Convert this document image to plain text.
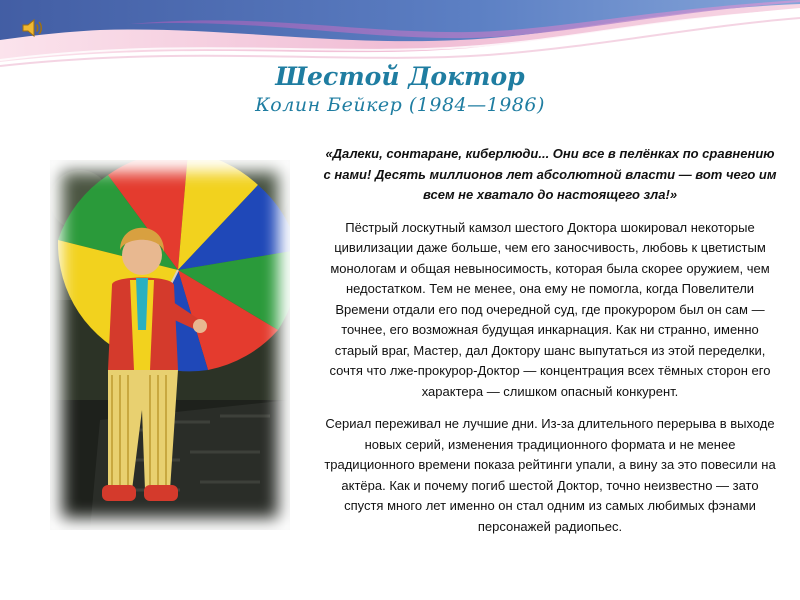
Шестой Доктор
Колин Бейкер (1984—1986)

«Далеки, сонтаране, киберлюди... Они все в пелёнках по сравнению с нами! Десять миллионов лет абсолютной власти — вот чего им всем не хватало до настоящего зла!»

Пёстрый лоскутный камзол шестого Доктора шокировал некоторые цивилизации даже больше, чем его заносчивость, любовь к цветистым монологам и общая невыносимость, которая была скорее оружием, чем недостатком. Тем не менее, она ему не помогла, когда Повелители Времени отдали его под очередной суд, где прокурором был он сам — точнее, его возможная будущая инкарнация. Как ни странно, именно старый враг, Мастер, дал Доктору шанс выпутаться из этой переделки, сочтя что лже-прокурор-Доктор — концентрация всех тёмных сторон его характера — слишком опасный конкурент.

Сериал переживал не лучшие дни. Из-за длительного перерыва в выходе новых серий, изменения традиционного формата и не менее традиционного времени показа рейтинги упали, а вину за это повесили на актёра. Как и почему погиб шестой Доктор, точно неизвестно — зато спустя много лет именно он стал одним из самых любимых фэнами персонажей радиопьес.
